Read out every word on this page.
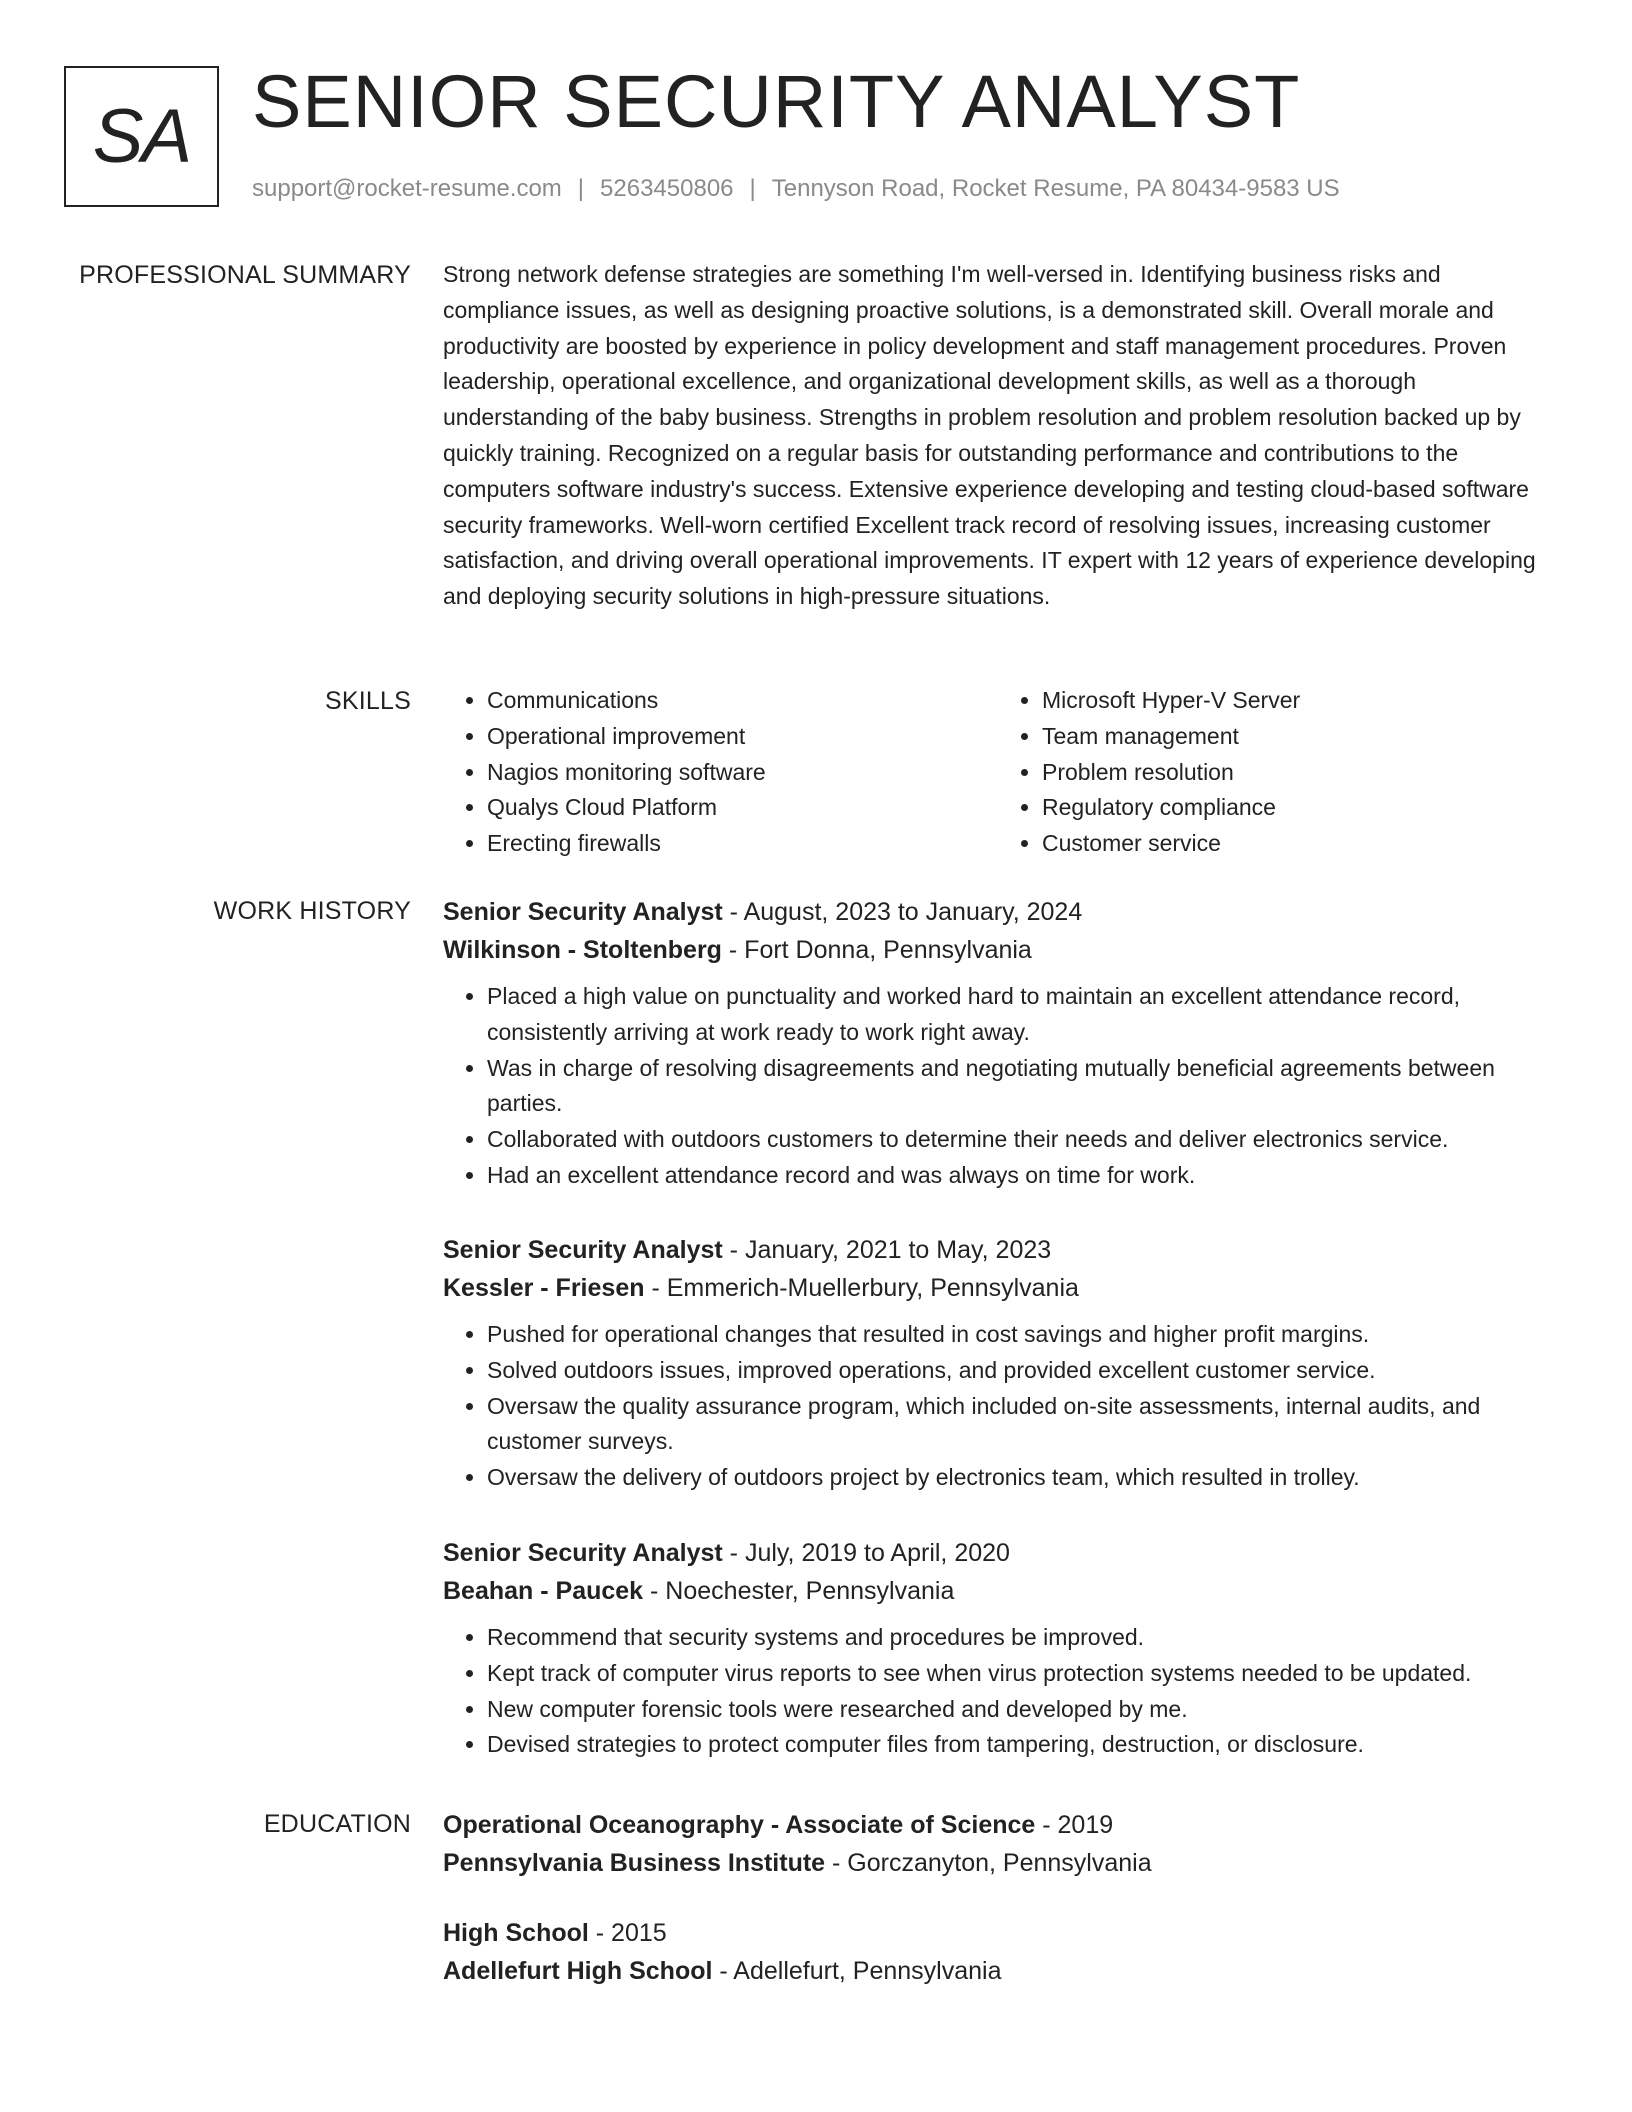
SA SENIOR SECURITY ANALYST
support@rocket-resume.com | 5263450806 | Tennyson Road, Rocket Resume, PA 80434-9583 US
PROFESSIONAL SUMMARY Strong network defense strategies are something I'm well-versed in. Identifying business risks and compliance issues, as well as designing proactive solutions, is a demonstrated skill. Overall morale and productivity are boosted by experience in policy development and staff management procedures. Proven leadership, operational excellence, and organizational development skills, as well as a thorough understanding of the baby business. Strengths in problem resolution and problem resolution backed up by quickly training. Recognized on a regular basis for outstanding performance and contributions to the computers software industry's success. Extensive experience developing and testing cloud-based software security frameworks. Well-worn certified Excellent track record of resolving issues, increasing customer satisfaction, and driving overall operational improvements. IT expert with 12 years of experience developing and deploying security solutions in high-pressure situations.

SKILLS
•	Communications
• Operational improvement
• Nagios monitoring software
• Qualys Cloud Platform
• Erecting firewalls
• Microsoft Hyper-V Server
• Team management
• Problem resolution
• Regulatory compliance
• Customer service
WORK HISTORY Senior Security Analyst - August, 2023 to January, 2024
Wilkinson - Stoltenberg - Fort Donna, Pennsylvania
• Placed a high value on punctuality and worked hard to maintain an excellent attendance record, consistently arriving at work ready to work right away.
• Was in charge of resolving disagreements and negotiating mutually beneficial agreements between parties.
• Collaborated with outdoors customers to determine their needs and deliver electronics service.
• Had an excellent attendance record and was always on time for work.
Senior Security Analyst - January, 2021 to May, 2023
Kessler - Friesen - Emmerich-Muellerbury, Pennsylvania
• Pushed for operational changes that resulted in cost savings and higher profit margins.
• Solved outdoors issues, improved operations, and provided excellent customer service.
• Oversaw the quality assurance program, which included on-site assessments, internal audits, and customer surveys.
• Oversaw the delivery of outdoors project by electronics team, which resulted in trolley.
Senior Security Analyst - July, 2019 to April, 2020
Beahan - Paucek - Noechester, Pennsylvania
• Recommend that security systems and procedures be improved.
• Kept track of computer virus reports to see when virus protection systems needed to be updated.
• New computer forensic tools were researched and developed by me.
• Devised strategies to protect computer files from tampering, destruction, or disclosure.
EDUCATION Operational Oceanography - Associate of Science - 2019
Pennsylvania Business Institute - Gorczanyton, Pennsylvania
High School - 2015
Adellefurt High School - Adellefurt, Pennsylvania
